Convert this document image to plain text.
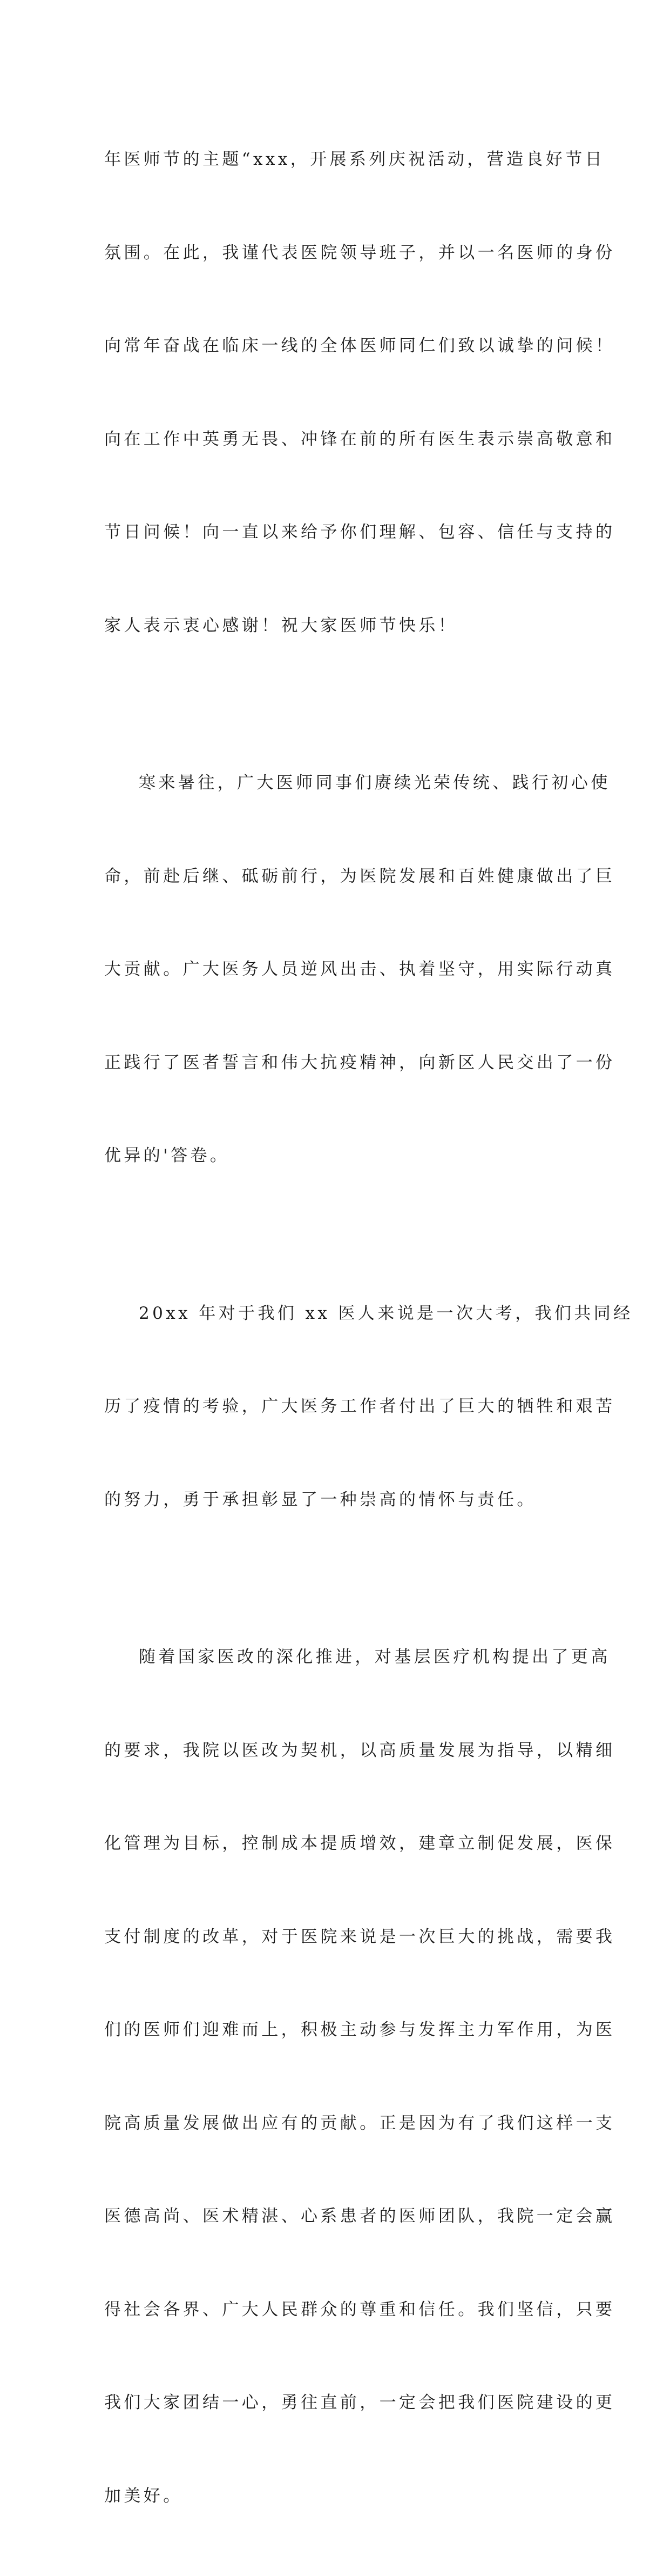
年医师节的主题“xxx，开展系列庆祝活动，营造良好节日

氛围。在此，我谨代表医院领导班子，并以一名医师的身份

向常年奋战在临床一线的全体医师同仁们致以诚挚的问候！

向在工作中英勇无畏、冲锋在前的所有医生表示崇高敬意和

节日问候！向一直以来给予你们理解、包容、信任与支持的

家人表示衷心感谢！祝大家医师节快乐！

寒来暑往，广大医师同事们赓续光荣传统、践行初心使

命，前赴后继、砥砺前行，为医院发展和百姓健康做出了巨

大贡献。广大医务人员逆风出击、执着坚守，用实际行动真

正践行了医者誓言和伟大抗疫精神，向新区人民交出了一份

优异的'答卷。

20xx 年对于我们 xx 医人来说是一次大考，我们共同经

历了疫情的考验，广大医务工作者付出了巨大的牺牲和艰苦

的努力，勇于承担彰显了一种崇高的情怀与责任。

随着国家医改的深化推进，对基层医疗机构提出了更高

的要求，我院以医改为契机，以高质量发展为指导，以精细

化管理为目标，控制成本提质增效，建章立制促发展，医保

支付制度的改革，对于医院来说是一次巨大的挑战，需要我

们的医师们迎难而上，积极主动参与发挥主力军作用，为医

院高质量发展做出应有的贡献。正是因为有了我们这样一支

医德高尚、医术精湛、心系患者的医师团队，我院一定会赢

得社会各界、广大人民群众的尊重和信任。我们坚信，只要

我们大家团结一心，勇往直前，一定会把我们医院建设的更

加美好。
